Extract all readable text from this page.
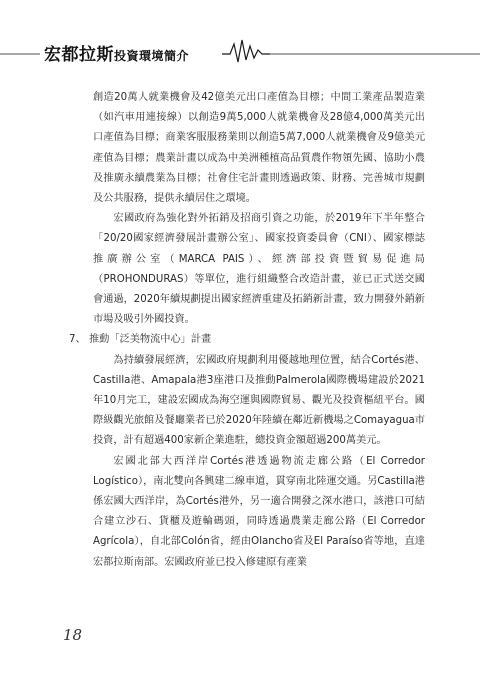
宏都拉斯投資環境簡介

創造20萬人就業機會及42億美元出口產值為目標；中間工業產品製造業（如汽車用連接線）以創造9萬5,000人就業機會及28億4,000萬美元出口產值為目標；商業客服服務業則以創造5萬7,000人就業機會及9億美元產值為目標；農業計畫以成為中美洲種植高品質農作物領先國、協助小農及推廣永續農業為目標；社會住宅計畫則透過政策、財務、完善城市規劃及公共服務，提供永續居住之環境。

宏國政府為強化對外拓銷及招商引資之功能，於2019年下半年整合「20/20國家經濟發展計畫辦公室」、國家投資委員會（CNI）、國家標誌推廣辦公室（MARCA PAIS）、經濟部投資暨貿易促進局（PROHONDURAS）等單位，進行組織整合改造計畫，並已正式送交國會通過，2020年續規劃提出國家經濟重建及拓銷新計畫，致力開發外銷新市場及吸引外國投資。

7、 推動「泛美物流中心」計畫

為持續發展經濟，宏國政府規劃利用優越地理位置，結合Cortés港、Castilla港、Amapala港3座港口及推動Palmerola國際機場建設於2021年10月完工，建設宏國成為海空運與國際貿易、觀光及投資樞紐平台。國際級觀光旅館及餐廳業者已於2020年陸續在鄰近新機場之Comayagua市投資，計有超過400家新企業進駐，總投資金額超過200萬美元。

宏國北部大西洋岸Cortés港透過物流走廊公路（El Corredor Logístico），南北雙向各興建二線車道，貫穿南北陸運交通。另Castilla港係宏國大西洋岸，為Cortés港外，另一適合開發之深水港口，該港口可結合建立沙石、貨櫃及遊輪碼頭，同時透過農業走廊公路（El Corredor Agrícola），自北部Colón省，經由Olancho省及El Paraíso省等地，直達宏都拉斯南部。宏國政府並已投入修建原有產業

18
